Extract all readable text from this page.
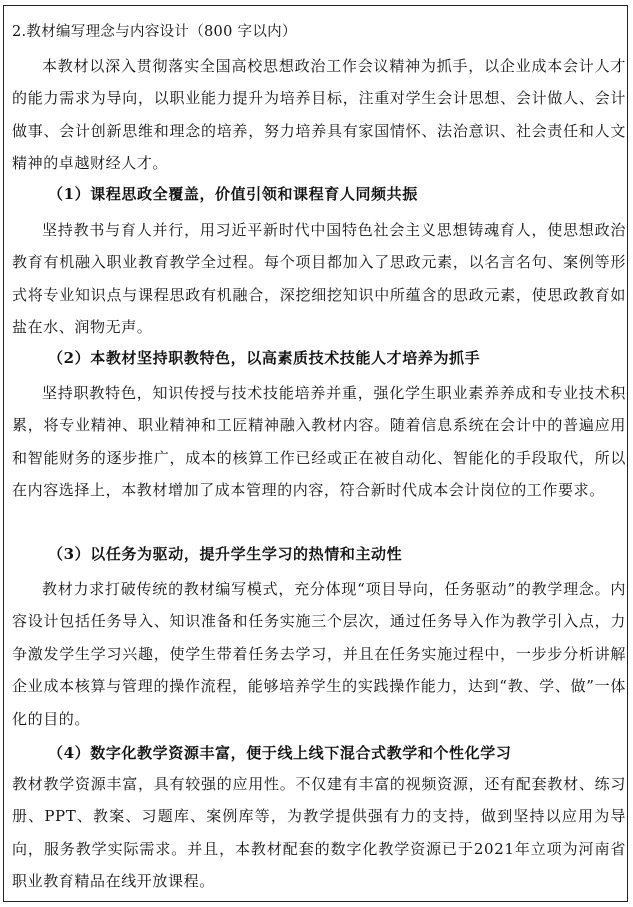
2.教材编写理念与内容设计（800 字以内）

本教材以深入贯彻落实全国高校思想政治工作会议精神为抓手，以企业成本会计人才的能力需求为导向，以职业能力提升为培养目标，注重对学生会计思想、会计做人、会计做事、会计创新思维和理念的培养，努力培养具有家国情怀、法治意识、社会责任和人文精神的卓越财经人才。

（1）课程思政全覆盖，价值引领和课程育人同频共振

坚持教书与育人并行，用习近平新时代中国特色社会主义思想铸魂育人，使思想政治教育有机融入职业教育教学全过程。每个项目都加入了思政元素，以名言名句、案例等形式将专业知识点与课程思政有机融合，深挖细挖知识中所蕴含的思政元素，使思政教育如盐在水、润物无声。

（2）本教材坚持职教特色，以高素质技术技能人才培养为抓手

坚持职教特色，知识传授与技术技能培养并重，强化学生职业素养养成和专业技术积累，将专业精神、职业精神和工匠精神融入教材内容。随着信息系统在会计中的普遍应用和智能财务的逐步推广，成本的核算工作已经或正在被自动化、智能化的手段取代，所以在内容选择上，本教材增加了成本管理的内容，符合新时代成本会计岗位的工作要求。

（3）以任务为驱动，提升学生学习的热情和主动性

教材力求打破传统的教材编写模式，充分体现“项目导向，任务驱动”的教学理念。内容设计包括任务导入、知识准备和任务实施三个层次，通过任务导入作为教学引入点，力争激发学生学习兴趣，使学生带着任务去学习，并且在任务实施过程中，一步步分析讲解企业成本核算与管理的操作流程，能够培养学生的实践操作能力，达到“教、学、做”一体化的目的。

（4）数字化教学资源丰富，便于线上线下混合式教学和个性化学习

教材教学资源丰富，具有较强的应用性。不仅建有丰富的视频资源，还有配套教材、练习册、PPT、教案、习题库、案例库等，为教学提供强有力的支持，做到坚持以应用为导向，服务教学实际需求。并且，本教材配套的数字化教学资源已于2021年立项为河南省职业教育精品在线开放课程。
